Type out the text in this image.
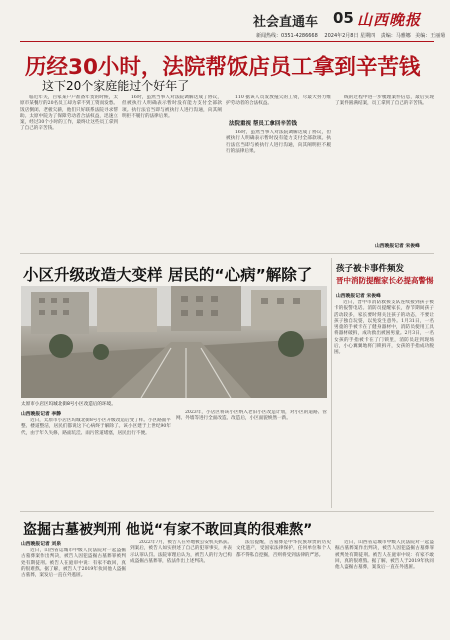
社会直通车 05 山西晚报
新闻热线：0351-4286668 2024年2月8日 星期四 责编：马雅娜 美编：王丽菊
历经30小时，法院帮饭店员工拿到辛苦钱
这下20个家庭能过个好年了

临近年关，百家某户户准备年货的时候，太原市某餐厅的20名员工却为拿不到工资而发愁。饭店倒闭、老板欠薪，他们只好联系法院寻求帮助。太原中院为了保障劳动者合法权益，迅速立案，经过30个小时的工作，最终让这些员工拿到了自己的辛苦钱。

16时，虽然当事人对法院调解达成了协议，但被执行人明确表示暂时没有能力支付全部款项。执行法官当即与被执行人进行沟通，向其阐明拒不履行的法律后果。

110 据该人员发放拖欠的工资，尽最大努力维护劳动者的合法权益。

法院重视 帮员工拿回辛苦钱

16时，虽然当事人对法院调解达成了协议，但被执行人明确表示暂时没有能力支付全部款项。执行法官当即与被执行人进行沟通，向其阐明拒不履行的法律后果。

线的过程中进一步梳理案件信息，最后实现了案件圆满结案，员工拿到了自己的辛苦钱。

山西晚报记者 宋俊峰
小区升级改造大变样 居民的“心病”解除了
太原市小店区坞城北街8号小区改造后的环境。
山西晚报记者 李静

近日，太原市小店区坞城北街8号小区升级改造后变了样。小区路面平整、楼道整洁，居民们都说这下心病终于解除了。该小区建于上世纪90年代，由于年久失修，路面坑洼、雨污管道堵塞，居民出行不便。

2023年，小店区将该小区纳入老旧小区改造计划，对小区的道路、管网、外墙等进行全面改造。改造后，小区面貌焕然一新。

孩子被卡事件频发
晋中消防提醒家长必提高警惕
山西晚报记者 宋俊峰

近日，晋中市消防救援支队连续接到孩子被卡的报警电话。消防员提醒家长，春节期间孩子活动较多，家长要时刻关注孩子的动态，不要让孩子独自玩耍，以免发生意外。1月31日，一名男童的手被卡在了健身器材中，消防员使用工具将器材破拆，成功救出被困男童。2月3日，一名女孩的手指被卡在了门锁里，消防员赶到现场后，小心翼翼地将门锁拆开，女孩的手指成功脱困。

盗掘古墓被判刑 他说“有家不敢回真的很难熬”
山西晚报记者 刘泉

近日，山西省运城市中级人民法院对一起盗掘古墓葬案作出判决，被告人因犯盗掘古墓葬罪被判处有期徒刑。被告人在庭审中说：有家不敢回，真的很难熬。据了解，被告人于2019年伙同他人盗掘古墓葬，案发后一直在外逃匿。

2022年7月，被告人在外地被公安机关抓获。到案后，被告人如实供述了自己的犯罪事实，并表示认罪认罚。法院审理后认为，被告人的行为已构成盗掘古墓葬罪，依法作出上述判决。

法官提醒，古墓葬是中华民族珍贵的历史文化遗产，受国家法律保护，任何单位和个人都不得私自挖掘，否则将受到法律的严惩。

近日，山西省运城市中级人民法院对一起盗掘古墓葬案作出判决，被告人因犯盗掘古墓葬罪被判处有期徒刑。被告人在庭审中说：有家不敢回，真的很难熬。据了解，被告人于2019年伙同他人盗掘古墓葬，案发后一直在外逃匿。
